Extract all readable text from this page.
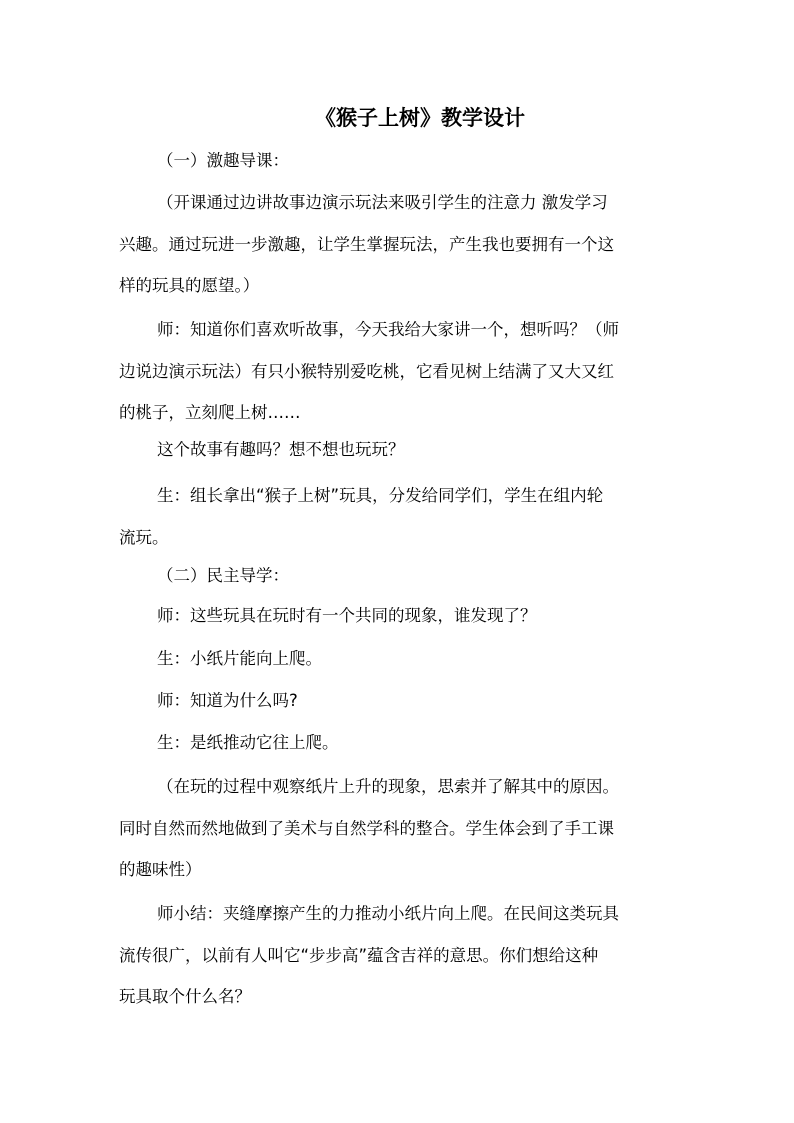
《猴子上树》教学设计
（一）激趣导课：
（开课通过边讲故事边演示玩法来吸引学生的注意力 激发学习
兴趣。通过玩进一步激趣，让学生掌握玩法，产生我也要拥有一个这
样的玩具的愿望。）
师：知道你们喜欢听故事，今天我给大家讲一个，想听吗？（师
边说边演示玩法）有只小猴特别爱吃桃，它看见树上结满了又大又红
的桃子，立刻爬上树……
这个故事有趣吗？想不想也玩玩？
生：组长拿出“猴子上树”玩具，分发给同学们，学生在组内轮
流玩。
（二）民主导学：
师：这些玩具在玩时有一个共同的现象，谁发现了？
生：小纸片能向上爬。
师：知道为什么吗?
生：是纸推动它往上爬。
（在玩的过程中观察纸片上升的现象，思索并了解其中的原因。
同时自然而然地做到了美术与自然学科的整合。学生体会到了手工课
的趣味性）
师小结：夹缝摩擦产生的力推动小纸片向上爬。在民间这类玩具
流传很广，以前有人叫它“步步高”蕴含吉祥的意思。你们想给这种
玩具取个什么名？
